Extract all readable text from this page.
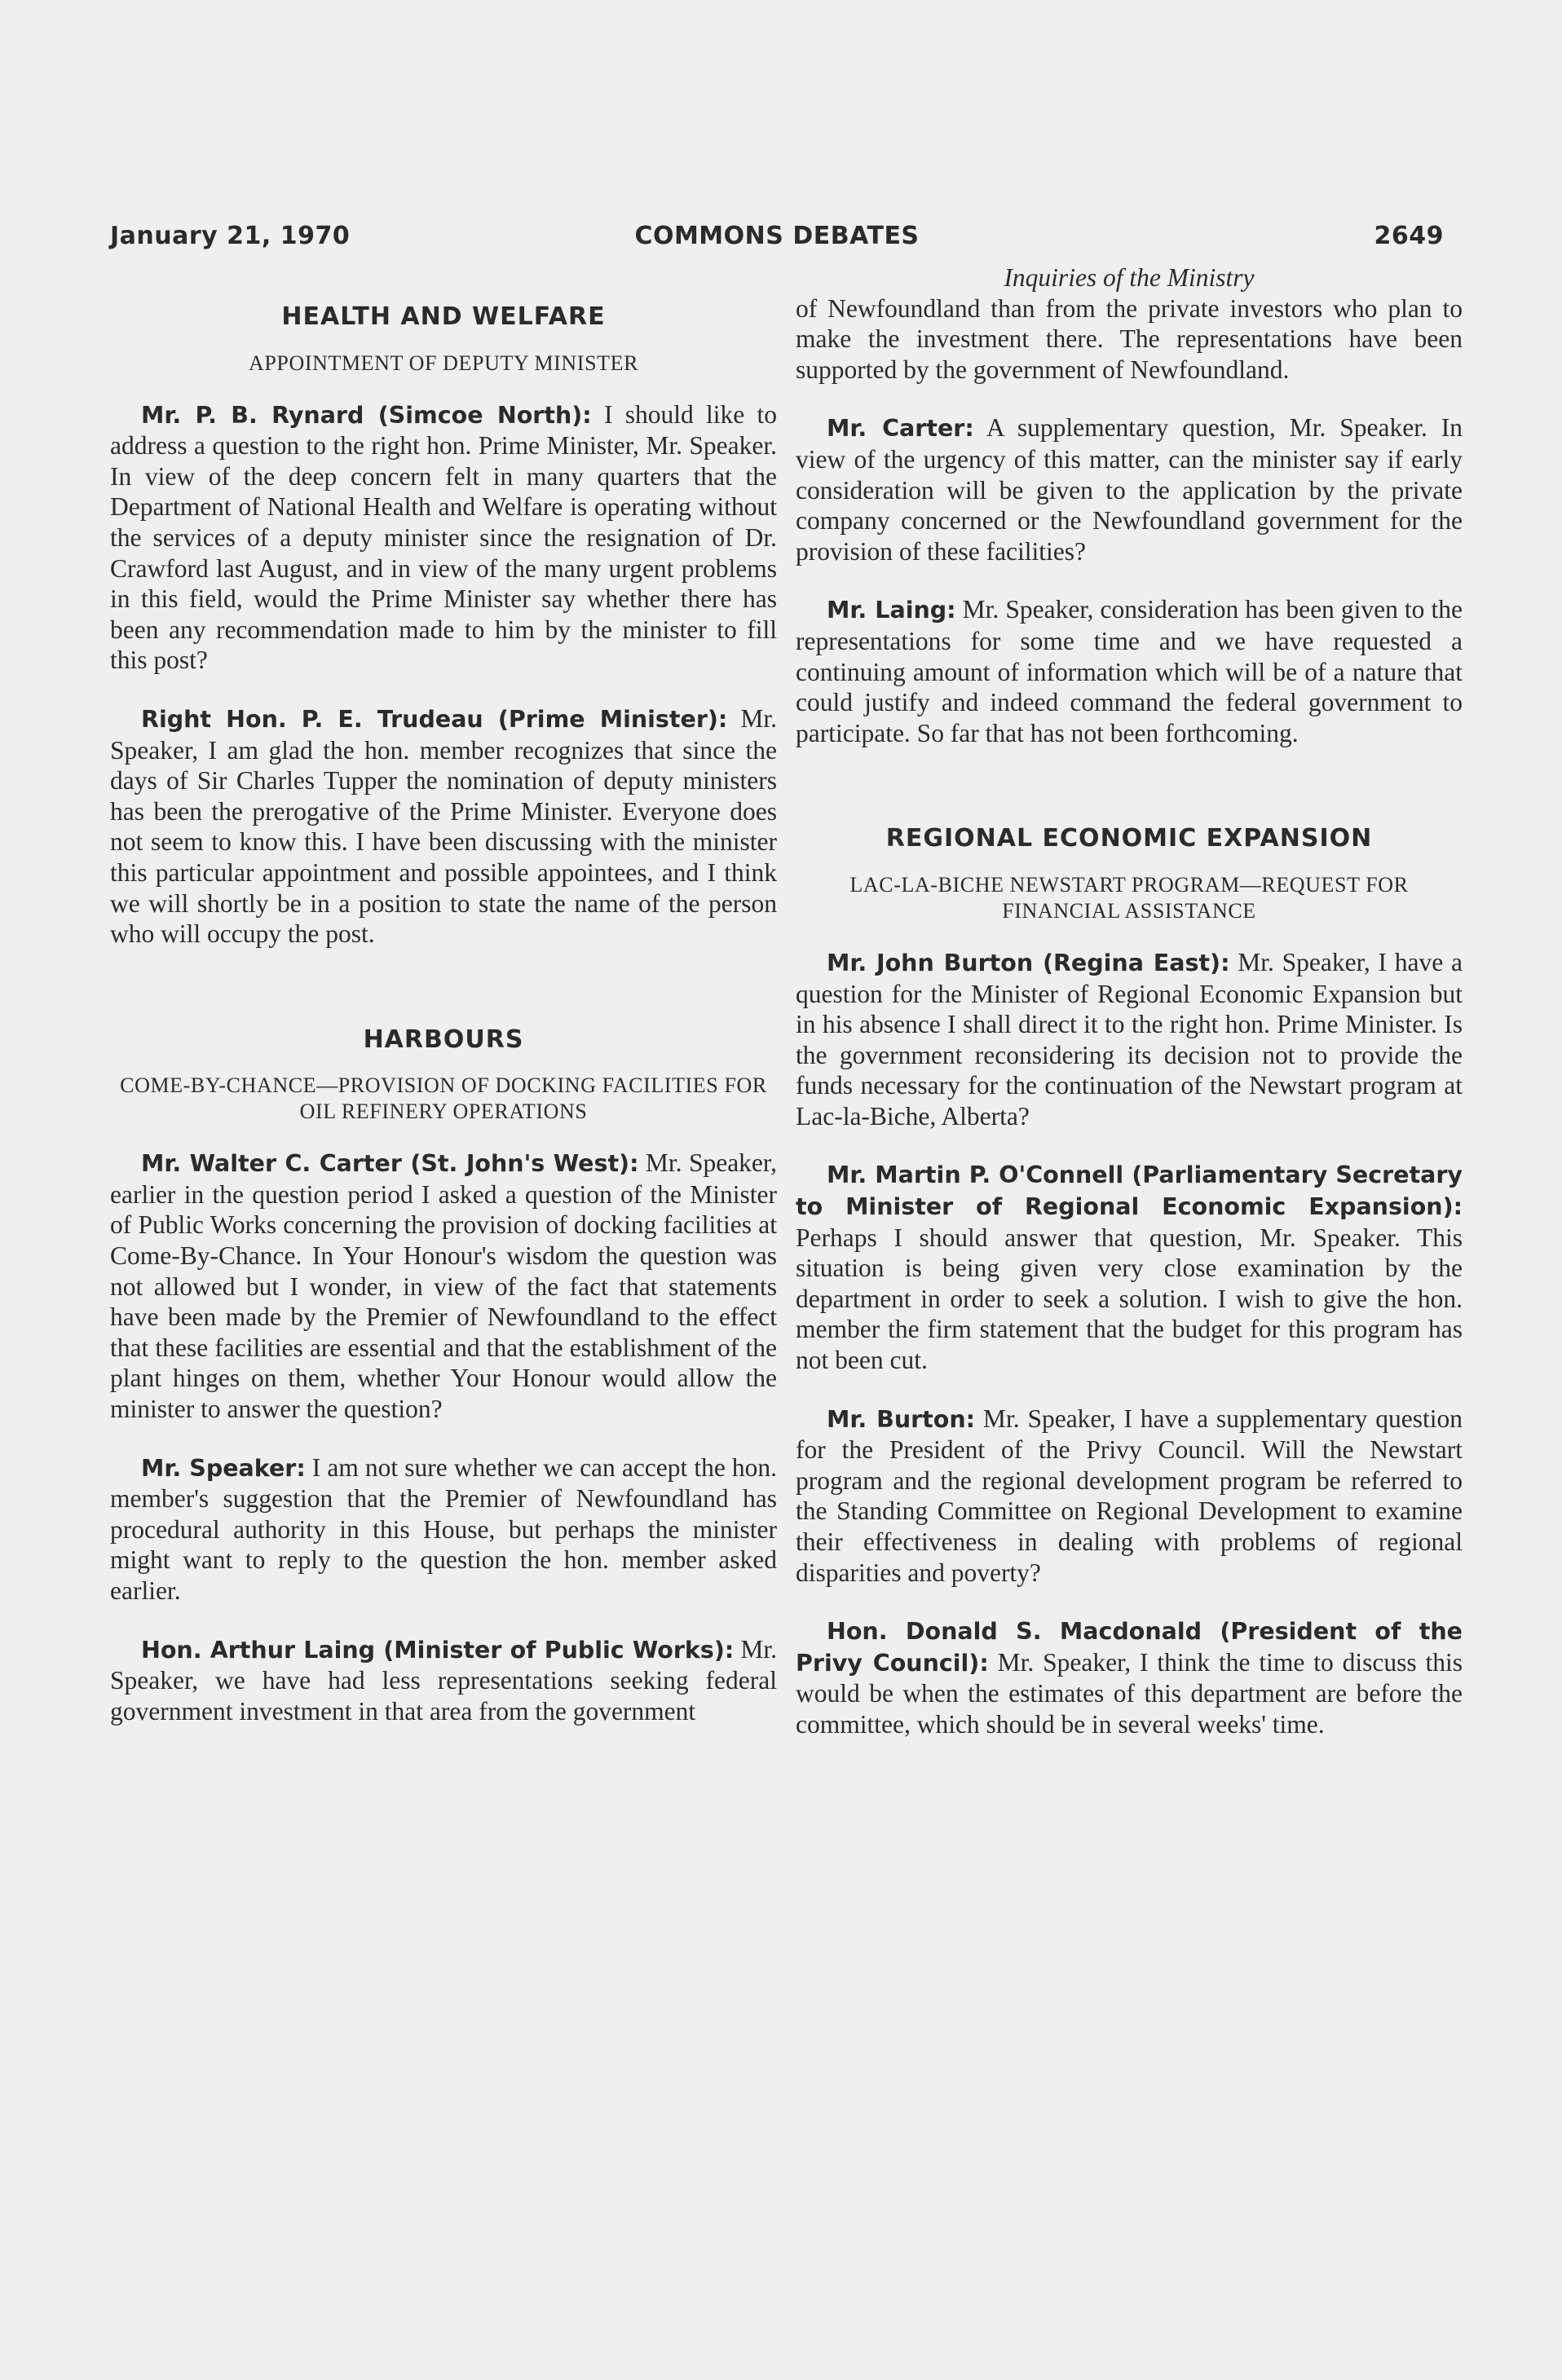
January 21, 1970	COMMONS DEBATES	2649
HEALTH AND WELFARE
APPOINTMENT OF DEPUTY MINISTER

Mr. P. B. Rynard (Simcoe North): I should like to address a question to the right hon. Prime Minister, Mr. Speaker. In view of the deep concern felt in many quarters that the Department of National Health and Welfare is operating without the services of a deputy minister since the resignation of Dr. Crawford last August, and in view of the many urgent problems in this field, would the Prime Minister say whether there has been any recommendation made to him by the minister to fill this post?

Right Hon. P. E. Trudeau (Prime Minister): Mr. Speaker, I am glad the hon. member recognizes that since the days of Sir Charles Tupper the nomination of deputy ministers has been the prerogative of the Prime Minister. Everyone does not seem to know this. I have been discussing with the minister this particular appointment and possible appointees, and I think we will shortly be in a position to state the name of the person who will occupy the post.

HARBOURS
COME-BY-CHANCE—PROVISION OF DOCKING FACILITIES FOR OIL REFINERY OPERATIONS

Mr. Walter C. Carter (St. John's West): Mr. Speaker, earlier in the question period I asked a question of the Minister of Public Works concerning the provision of docking facilities at Come-By-Chance. In Your Honour's wisdom the question was not allowed but I wonder, in view of the fact that statements have been made by the Premier of Newfoundland to the effect that these facilities are essential and that the establishment of the plant hinges on them, whether Your Honour would allow the minister to answer the question?

Mr. Speaker: I am not sure whether we can accept the hon. member's suggestion that the Premier of Newfoundland has procedural authority in this House, but perhaps the minister might want to reply to the question the hon. member asked earlier.

Hon. Arthur Laing (Minister of Public Works): Mr. Speaker, we have had less representations seeking federal government investment in that area from the government

Inquiries of the Ministry

of Newfoundland than from the private investors who plan to make the investment there. The representations have been supported by the government of Newfoundland.

Mr. Carter: A supplementary question, Mr. Speaker. In view of the urgency of this matter, can the minister say if early consideration will be given to the application by the private company concerned or the Newfoundland government for the provision of these facilities?

Mr. Laing: Mr. Speaker, consideration has been given to the representations for some time and we have requested a continuing amount of information which will be of a nature that could justify and indeed command the federal government to participate. So far that has not been forthcoming.

REGIONAL ECONOMIC EXPANSION
LAC-LA-BICHE NEWSTART PROGRAM—REQUEST FOR FINANCIAL ASSISTANCE

Mr. John Burton (Regina East): Mr. Speaker, I have a question for the Minister of Regional Economic Expansion but in his absence I shall direct it to the right hon. Prime Minister. Is the government reconsidering its decision not to provide the funds necessary for the continuation of the Newstart program at Lac-la-Biche, Alberta?

Mr. Martin P. O'Connell (Parliamentary Secretary to Minister of Regional Economic Expansion): Perhaps I should answer that question, Mr. Speaker. This situation is being given very close examination by the department in order to seek a solution. I wish to give the hon. member the firm statement that the budget for this program has not been cut.

Mr. Burton: Mr. Speaker, I have a supplementary question for the President of the Privy Council. Will the Newstart program and the regional development program be referred to the Standing Committee on Regional Development to examine their effectiveness in dealing with problems of regional disparities and poverty?

Hon. Donald S. Macdonald (President of the Privy Council): Mr. Speaker, I think the time to discuss this would be when the estimates of this department are before the committee, which should be in several weeks' time.
